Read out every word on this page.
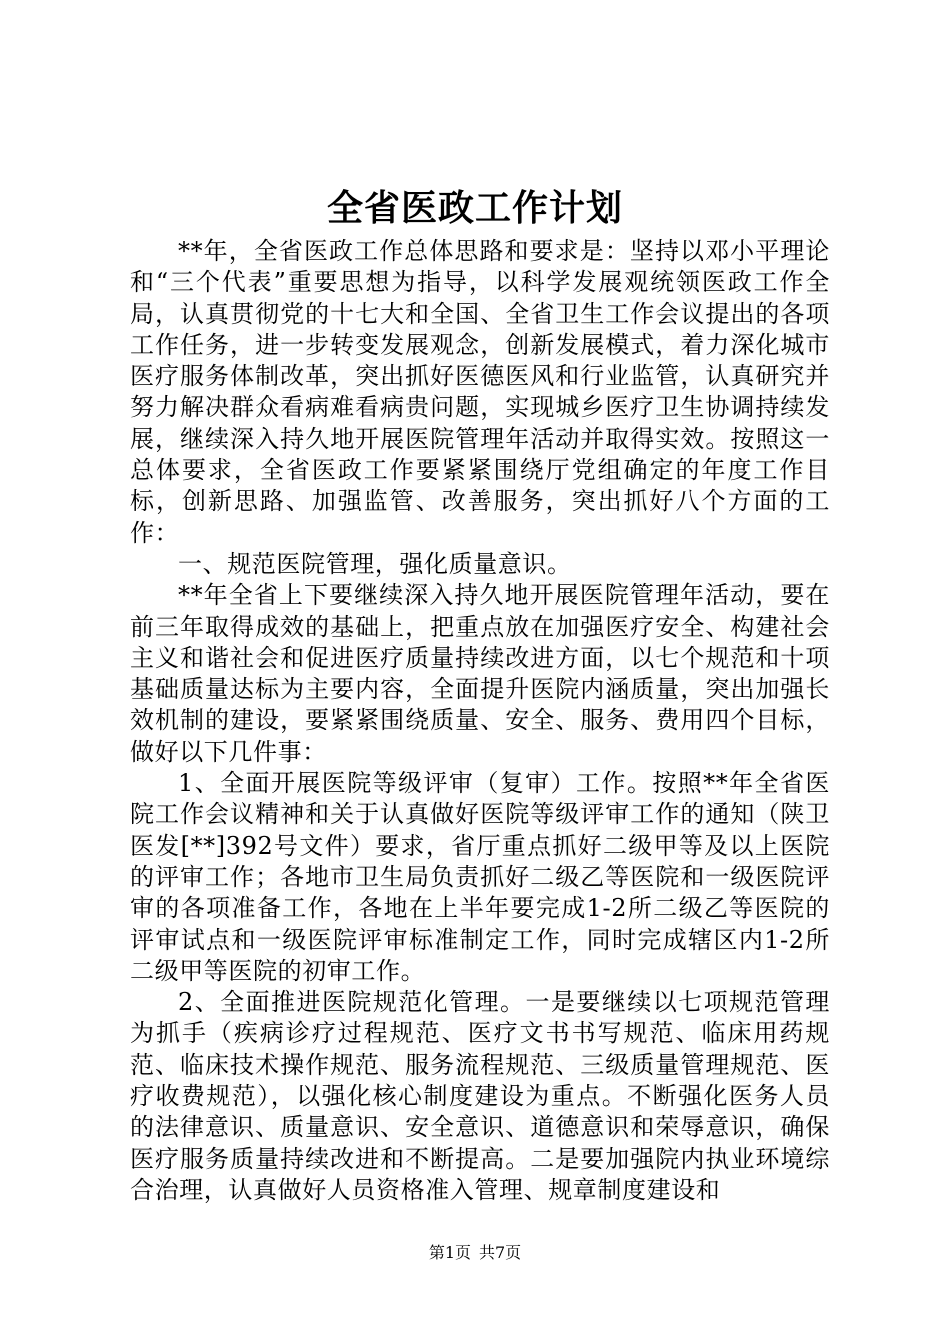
全省医政工作计划

**年，全省医政工作总体思路和要求是：坚持以邓小平理论和“三个代表”重要思想为指导，以科学发展观统领医政工作全局，认真贯彻党的十七大和全国、全省卫生工作会议提出的各项工作任务，进一步转变发展观念，创新发展模式，着力深化城市医疗服务体制改革，突出抓好医德医风和行业监管，认真研究并努力解决群众看病难看病贵问题，实现城乡医疗卫生协调持续发展，继续深入持久地开展医院管理年活动并取得实效。按照这一总体要求，全省医政工作要紧紧围绕厅党组确定的年度工作目标，创新思路、加强监管、改善服务，突出抓好八个方面的工作：

一、规范医院管理，强化质量意识。

**年全省上下要继续深入持久地开展医院管理年活动，要在前三年取得成效的基础上，把重点放在加强医疗安全、构建社会主义和谐社会和促进医疗质量持续改进方面，以七个规范和十项基础质量达标为主要内容，全面提升医院内涵质量，突出加强长效机制的建设，要紧紧围绕质量、安全、服务、费用四个目标，做好以下几件事：

1、全面开展医院等级评审（复审）工作。按照**年全省医院工作会议精神和关于认真做好医院等级评审工作的通知（陕卫医发[**]392号文件）要求，省厅重点抓好二级甲等及以上医院的评审工作；各地市卫生局负责抓好二级乙等医院和一级医院评审的各项准备工作，各地在上半年要完成1-2所二级乙等医院的评审试点和一级医院评审标准制定工作，同时完成辖区内1-2所二级甲等医院的初审工作。

2、全面推进医院规范化管理。一是要继续以七项规范管理为抓手（疾病诊疗过程规范、医疗文书书写规范、临床用药规范、临床技术操作规范、服务流程规范、三级质量管理规范、医疗收费规范），以强化核心制度建设为重点。不断强化医务人员的法律意识、质量意识、安全意识、道德意识和荣辱意识，确保医疗服务质量持续改进和不断提高。二是要加强院内执业环境综合治理，认真做好人员资格准入管理、规章制度建设和

第1页 共7页
